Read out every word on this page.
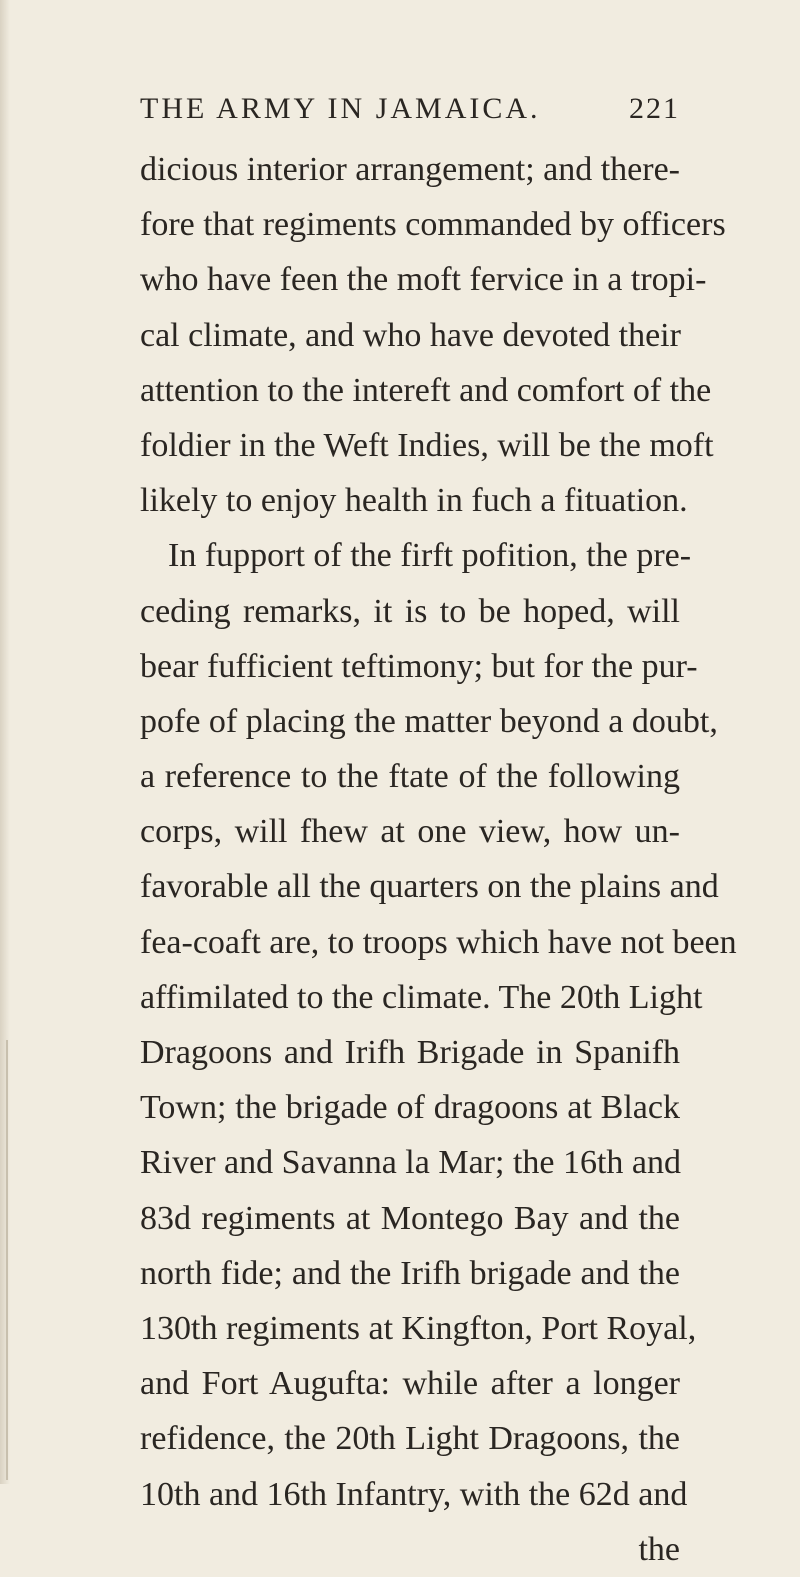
THE ARMY IN JAMAICA.	221
dicious interior arrangement; and there-
fore that regiments commanded by officers
who have feen the moft fervice in a tropi-
cal climate, and who have devoted their
attention to the intereft and comfort of the
foldier in the Weft Indies, will be the moft
likely to enjoy health in fuch a fituation.
In fupport of the firft pofition, the pre-
ceding remarks, it is to be hoped, will
bear fufficient teftimony; but for the pur-
pofe of placing the matter beyond a doubt,
a reference to the ftate of the following
corps, will fhew at one view, how un-
favorable all the quarters on the plains and
fea-coaft are, to troops which have not been
affimilated to the climate. The 20th Light
Dragoons and Irifh Brigade in Spanifh
Town; the brigade of dragoons at Black
River and Savanna la Mar; the 16th and
83d regiments at Montego Bay and the
north fide; and the Irifh brigade and the
130th regiments at Kingfton, Port Royal,
and Fort Augufta: while after a longer
refidence, the 20th Light Dragoons, the
10th and 16th Infantry, with the 62d and
the
